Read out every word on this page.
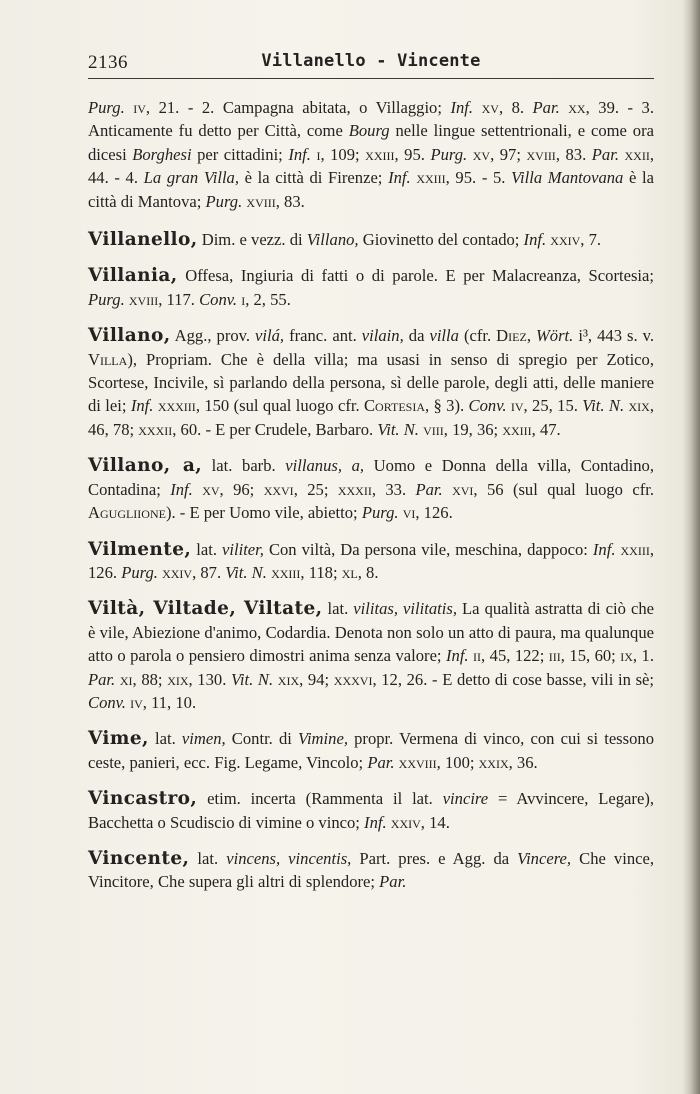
2136	Villanello - Vincente

Purg. iv, 21. - 2. Campagna abitata, o Villaggio; Inf. xv, 8. Par. xx, 39. - 3. Anticamente fu detto per Città, come Bourg nelle lingue settentrionali, e come ora dicesi Borghesi per cittadini; Inf. i, 109; xxiii, 95. Purg. xv, 97; xviii, 83. Par. xxii, 44. - 4. La gran Villa, è la città di Firenze; Inf. xxiii, 95. - 5. Villa Mantovana è la città di Mantova; Purg. xviii, 83.

Villanello, Dim. e vezz. di Villano, Giovinetto del contado; Inf. xxiv, 7.

Villania, Offesa, Ingiuria di fatti o di parole. E per Malacreanza, Scortesia; Purg. xviii, 117. Conv. i, 2, 55.

Villano, Agg., prov. vilá, franc. ant. vilain, da villa (cfr. Diez, Wört. i³, 443 s. v. Villa), Propriam. Che è della villa; ma usasi in senso di spregio per Zotico, Scortese, Incivile, sì parlando della persona, sì delle parole, degli atti, delle maniere di lei; Inf. xxxiii, 150 (sul qual luogo cfr. Cortesia, § 3). Conv. iv, 25, 15. Vit. N. xix, 46, 78; xxxii, 60. - E per Crudele, Barbaro. Vit. N. viii, 19, 36; xxiii, 47.

Villano, a, lat. barb. villanus, a, Uomo e Donna della villa, Contadino, Contadina; Inf. xv, 96; xxvi, 25; xxxii, 33. Par. xvi, 56 (sul qual luogo cfr. Agugliione). - E per Uomo vile, abietto; Purg. vi, 126.

Vilmente, lat. viliter, Con viltà, Da persona vile, meschina, dappoco: Inf. xxiii, 126. Purg. xxiv, 87. Vit. N. xxiii, 118; xl, 8.

Viltà, Viltade, Viltate, lat. vilitas, vilitatis, La qualità astratta di ciò che è vile, Abiezione d'animo, Codardia. Denota non solo un atto di paura, ma qualunque atto o parola o pensiero dimostri anima senza valore; Inf. ii, 45, 122; iii, 15, 60; ix, 1. Par. xi, 88; xix, 130. Vit. N. xix, 94; xxxvi, 12, 26. - E detto di cose basse, vili in sè; Conv. iv, 11, 10.

Vime, lat. vimen, Contr. di Vimine, propr. Vermena di vinco, con cui si tessono ceste, panieri, ecc. Fig. Legame, Vincolo; Par. xxviii, 100; xxix, 36.

Vincastro, etim. incerta (Rammenta il lat. vincire = Avvincere, Legare), Bacchetta o Scudiscio di vimine o vinco; Inf. xxiv, 14.

Vincente, lat. vincens, vincentis, Part. pres. e Agg. da Vincere, Che vince, Vincitore, Che supera gli altri di splendore; Par.
